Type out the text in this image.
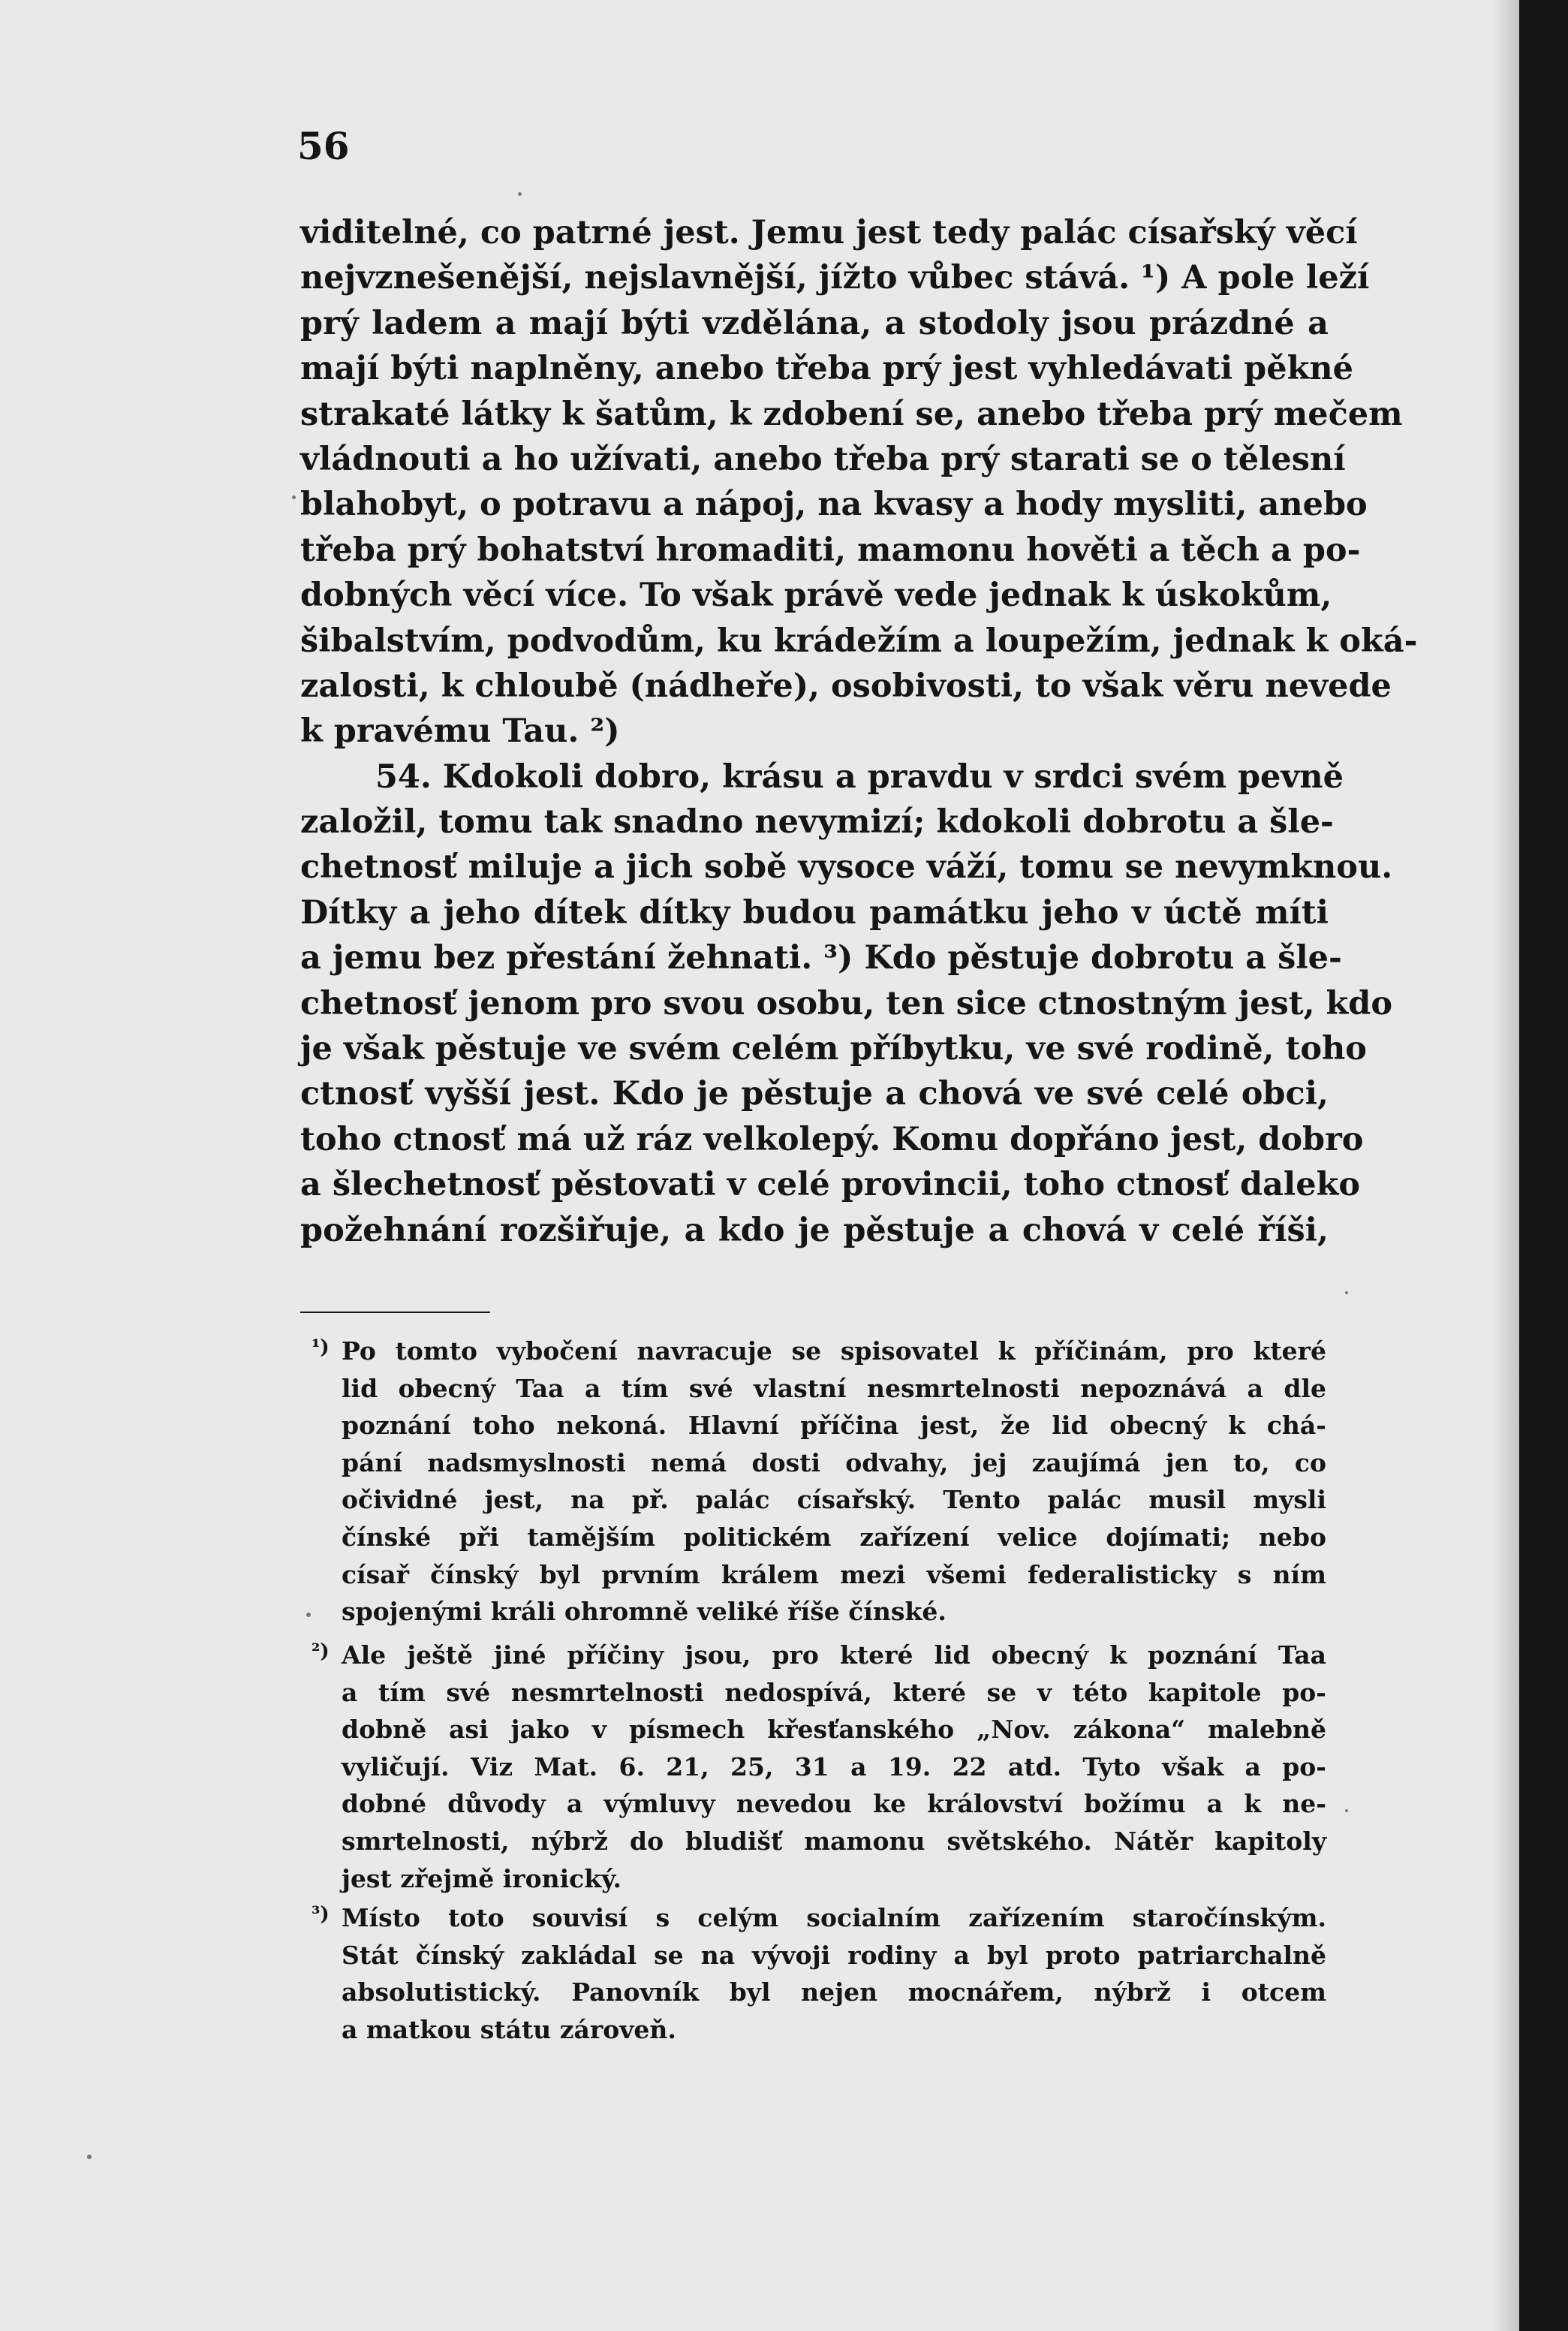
56
viditelné, co patrné jest. Jemu jest tedy palác císařský věcí
nejvznešenější, nejslavnější, jížto vůbec stává. ¹) A pole leží
prý ladem a mají býti vzdělána, a stodoly jsou prázdné a
mají býti naplněny, anebo třeba prý jest vyhledávati pěkné
strakaté látky k šatům, k zdobení se, anebo třeba prý mečem
vládnouti a ho užívati, anebo třeba prý starati se o tělesní
blahobyt, o potravu a nápoj, na kvasy a hody mysliti, anebo
třeba prý bohatství hromaditi, mamonu hověti a těch a po-
dobných věcí více. To však právě vede jednak k úskokům,
šibalstvím, podvodům, ku krádežím a loupežím, jednak k oká-
zalosti, k chloubě (nádheře), osobivosti, to však věru nevede
k pravému Tau. ²)
54. Kdokoli dobro, krásu a pravdu v srdci svém pevně
založil, tomu tak snadno nevymizí; kdokoli dobrotu a šle-
chetnosť miluje a jich sobě vysoce váží, tomu se nevymknou.
Dítky a jeho dítek dítky budou památku jeho v úctě míti
a jemu bez přestání žehnati. ³) Kdo pěstuje dobrotu a šle-
chetnosť jenom pro svou osobu, ten sice ctnostným jest, kdo
je však pěstuje ve svém celém příbytku, ve své rodině, toho
ctnosť vyšší jest. Kdo je pěstuje a chová ve své celé obci,
toho ctnosť má už ráz velkolepý. Komu dopřáno jest, dobro
a šlechetnosť pěstovati v celé provincii, toho ctnosť daleko
požehnání rozšiřuje, a kdo je pěstuje a chová v celé říši,
¹) Po tomto vybočení navracuje se spisovatel k příčinám, pro které
lid obecný Taa a tím své vlastní nesmrtelnosti nepoznává a dle
poznání toho nekoná. Hlavní příčina jest, že lid obecný k chá-
pání nadsmyslnosti nemá dosti odvahy, jej zaujímá jen to, co
očividné jest, na př. palác císařský. Tento palác musil mysli
čínské při tamějším politickém zařízení velice dojímati; nebo
císař čínský byl prvním králem mezi všemi federalisticky s ním
spojenými králi ohromně veliké říše čínské.
²) Ale ještě jiné příčiny jsou, pro které lid obecný k poznání Taa
a tím své nesmrtelnosti nedospívá, které se v této kapitole po-
dobně asi jako v písmech křesťanského „Nov. zákona“ malebně
vyličují. Viz Mat. 6. 21, 25, 31 a 19. 22 atd. Tyto však a po-
dobné důvody a výmluvy nevedou ke království božímu a k ne-
smrtelnosti, nýbrž do bludišť mamonu světského. Nátěr kapitoly
jest zřejmě ironický.
³) Místo toto souvisí s celým socialním zařízením staročínským.
Stát čínský zakládal se na vývoji rodiny a byl proto patriarchalně
absolutistický. Panovník byl nejen mocnářem, nýbrž i otcem
a matkou státu zároveň.
